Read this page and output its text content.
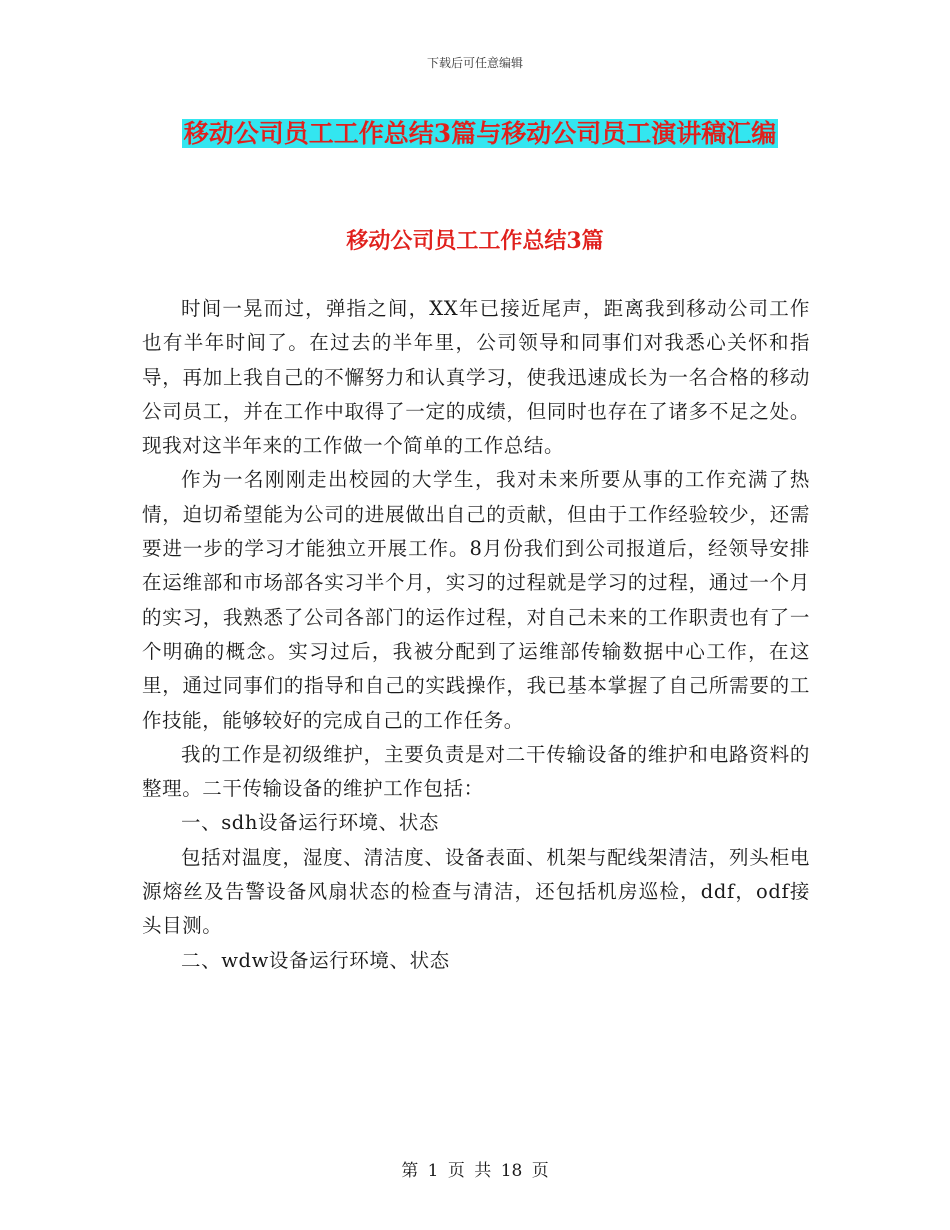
下载后可任意编辑
移动公司员工工作总结3篇与移动公司员工演讲稿汇编
移动公司员工工作总结3篇

时间一晃而过，弹指之间，XX年已接近尾声，距离我到移动公司工作也有半年时间了。在过去的半年里，公司领导和同事们对我悉心关怀和指导，再加上我自己的不懈努力和认真学习，使我迅速成长为一名合格的移动公司员工，并在工作中取得了一定的成绩，但同时也存在了诸多不足之处。现我对这半年来的工作做一个简单的工作总结。

作为一名刚刚走出校园的大学生，我对未来所要从事的工作充满了热情，迫切希望能为公司的进展做出自己的贡献，但由于工作经验较少，还需要进一步的学习才能独立开展工作。8月份我们到公司报道后，经领导安排在运维部和市场部各实习半个月，实习的过程就是学习的过程，通过一个月的实习，我熟悉了公司各部门的运作过程，对自己未来的工作职责也有了一个明确的概念。实习过后，我被分配到了运维部传输数据中心工作，在这里，通过同事们的指导和自己的实践操作，我已基本掌握了自己所需要的工作技能，能够较好的完成自己的工作任务。

我的工作是初级维护，主要负责是对二干传输设备的维护和电路资料的整理。二干传输设备的维护工作包括：

一、sdh设备运行环境、状态

包括对温度，湿度、清洁度、设备表面、机架与配线架清洁，列头柜电源熔丝及告警设备风扇状态的检查与清洁，还包括机房巡检，ddf，odf接头目测。

二、wdw设备运行环境、状态

第 1 页 共 18 页
